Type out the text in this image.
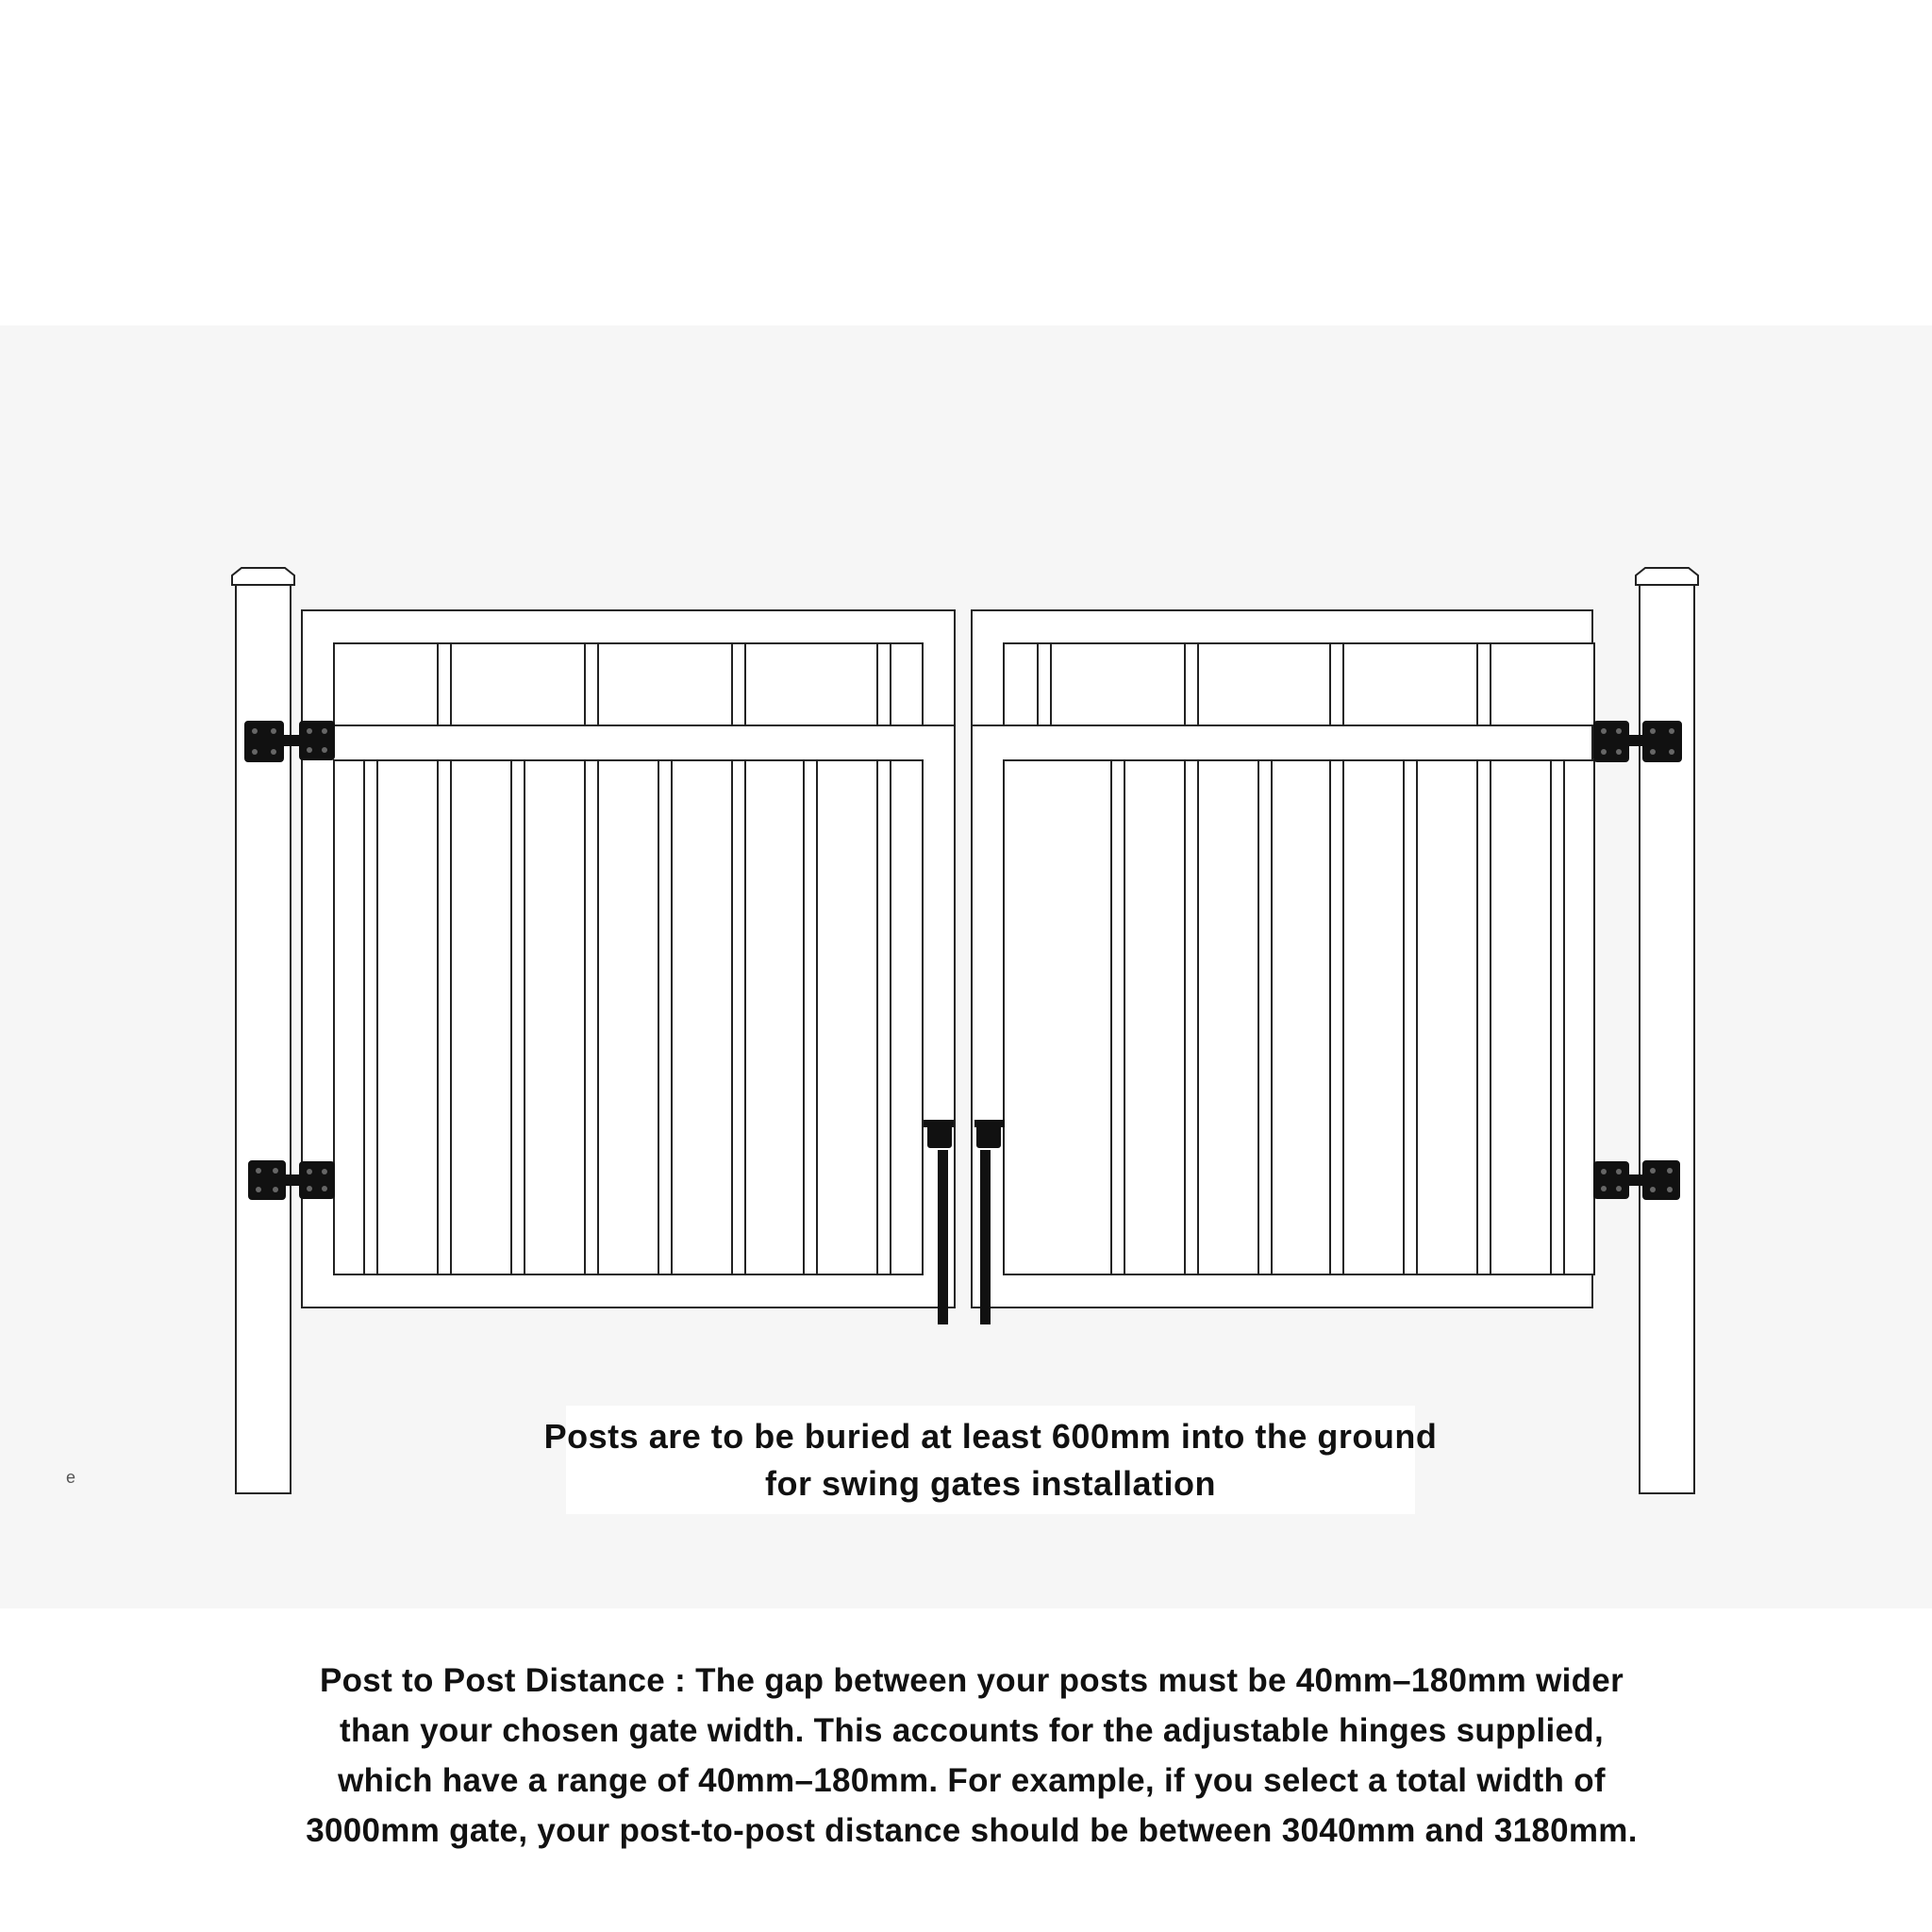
Posts are to be buried at least 600mm into the ground
for swing gates installation
e
Post to Post Distance : The gap between your posts must be 40mm–180mm wider
than your chosen gate width. This accounts for the adjustable hinges supplied,
which have a range of 40mm–180mm. For example, if you select a total width of
3000mm gate, your post-to-post distance should be between 3040mm and 3180mm.
